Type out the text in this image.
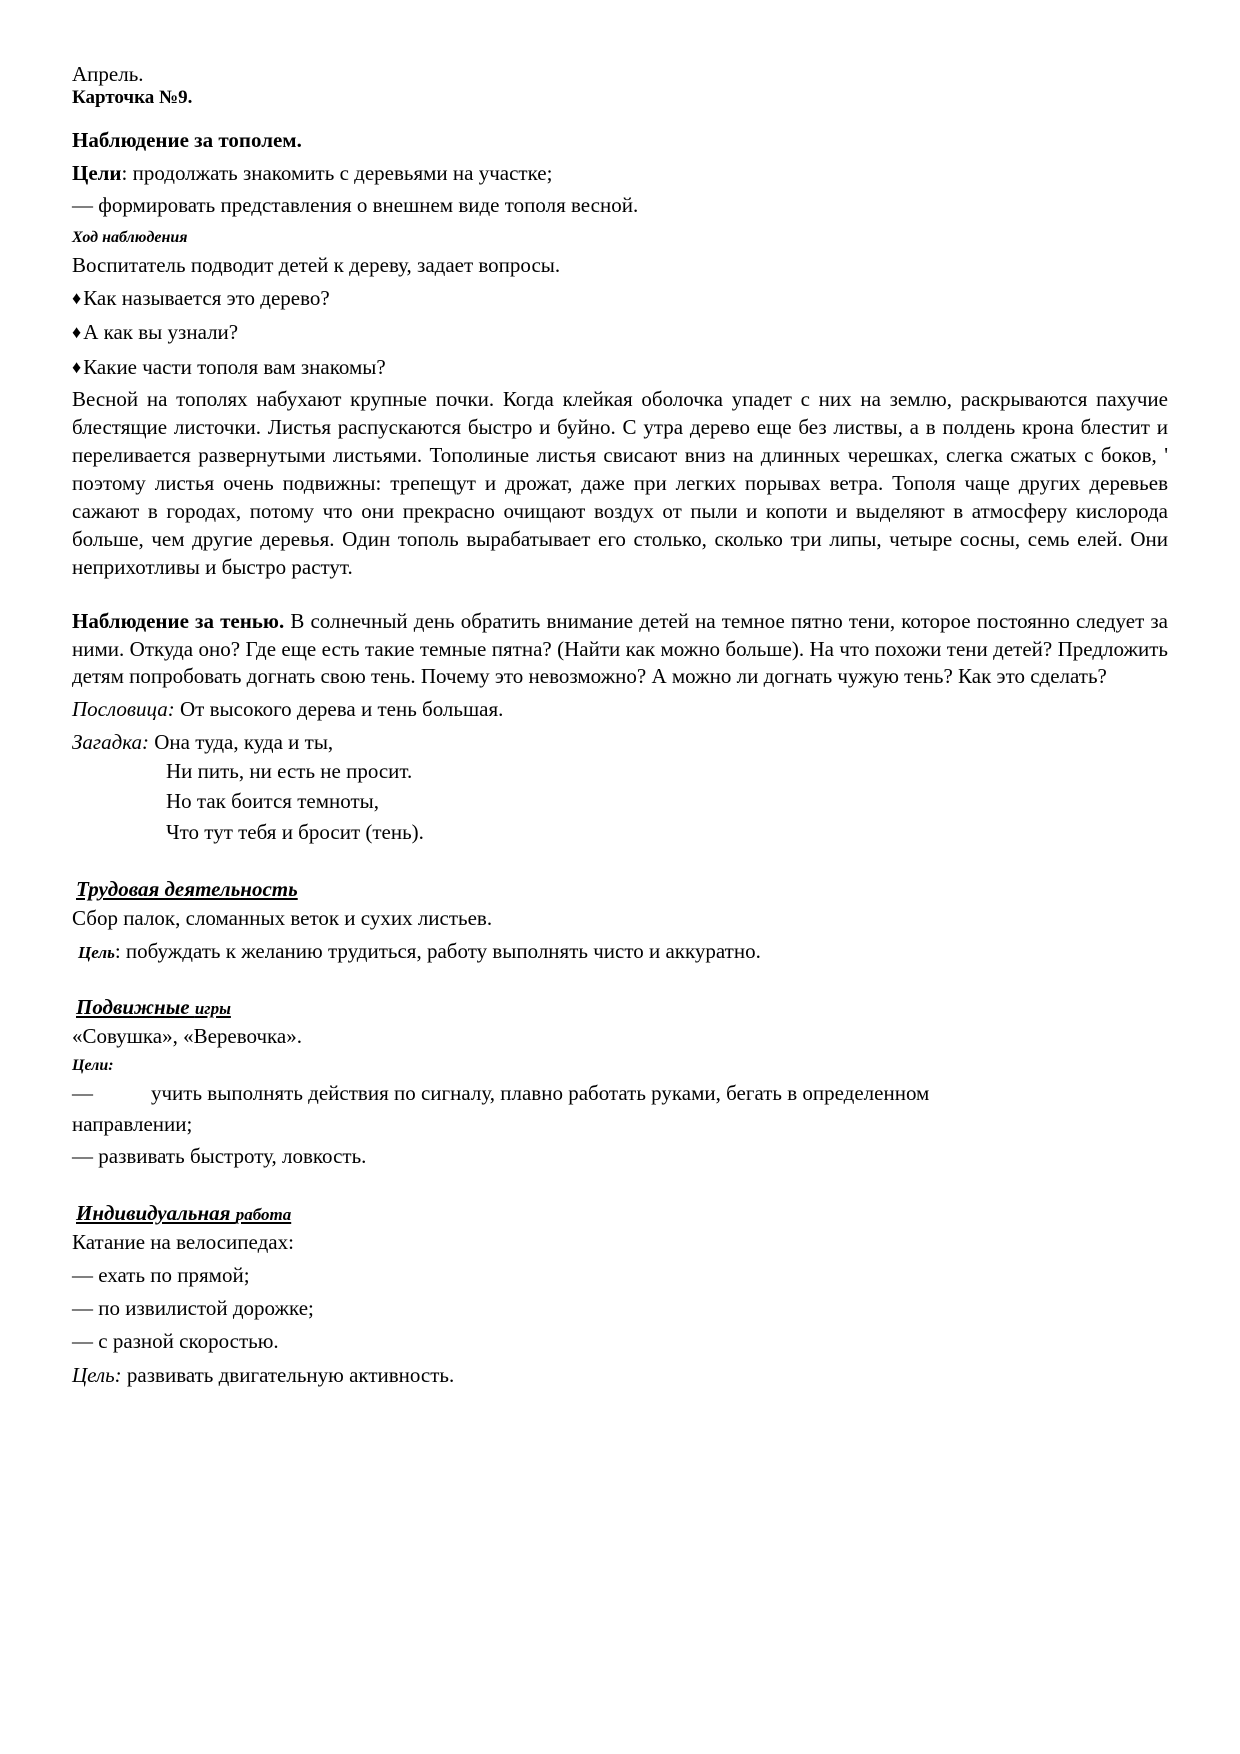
Апрель.

Карточка №9.

Наблюдение за тополем.

Цели: продолжать знакомить с деревьями на участке;

— формировать представления о внешнем виде тополя весной.

Ход наблюдения

Воспитатель подводит детей к дереву, задает вопросы.

♦Как называется это дерево?

♦А как вы узнали?

♦Какие части тополя вам знакомы?

Весной на тополях набухают крупные почки. Когда клейкая оболочка упадет с них на землю, раскрываются пахучие блестящие листочки. Листья распускаются быстро и буйно. С утра дерево еще без листвы, а в полдень крона блестит и переливается развернутыми листьями. Тополиные листья свисают вниз на длинных черешках, слегка сжатых с боков, ' поэтому листья очень подвижны: трепещут и дрожат, даже при легких порывах ветра. Тополя чаще других деревьев сажают в городах, потому что они прекрасно очищают воздух от пыли и копоти и выделяют в атмосферу кислорода больше, чем другие деревья. Один тополь вырабатывает его столько, сколько три липы, четыре сосны, семь елей. Они неприхотливы и быстро растут.

Наблюдение за тенью. В солнечный день обратить внимание детей на темное пятно тени, которое постоянно следует за ними. Откуда оно? Где еще есть такие темные пятна? (Найти как можно больше). На что похожи тени детей? Предложить детям попробовать догнать свою тень. Почему это невозможно? А можно ли догнать чужую тень? Как это сделать?

Пословица: От высокого дерева и тень большая.

Загадка: Она туда, куда и ты,

Ни пить, ни есть не просит.

Но так боится темноты,

Что тут тебя и бросит (тень).

Трудовая деятельность

Сбор палок, сломанных веток и сухих листьев.

Цель: побуждать к желанию трудиться, работу выполнять чисто и аккуратно.

Подвижные игры

«Совушка», «Веревочка».

Цели:

—	учить выполнять действия по сигналу, плавно работать руками, бегать в определенном

направлении;

— развивать быстроту, ловкость.

Индивидуальная работа

Катание на велосипедах:

— ехать по прямой;

— по извилистой дорожке;

— с разной скоростью.

Цель: развивать двигательную активность.
